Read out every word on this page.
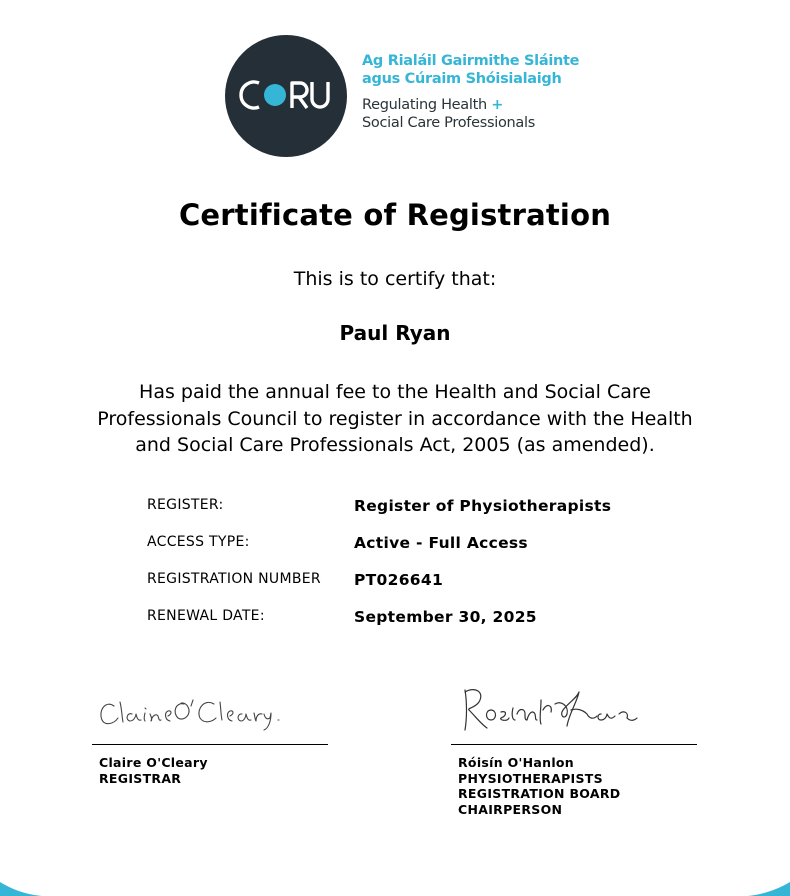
Ag Rialáil Gairmithe Sláinte
agus Cúraim Shóisialaigh
Regulating Health +
Social Care Professionals
Certificate of Registration
This is to certify that:
Paul Ryan
Has paid the annual fee to the Health and Social Care Professionals Council to register in accordance with the Health and Social Care Professionals Act, 2005 (as amended).
REGISTER:	Register of Physiotherapists
ACCESS TYPE:	Active - Full Access
REGISTRATION NUMBER PT026641
RENEWAL DATE:	September 30, 2025
Claire O'Cleary
REGISTRAR
Róisín O'Hanlon
PHYSIOTHERAPISTS
REGISTRATION BOARD
CHAIRPERSON
